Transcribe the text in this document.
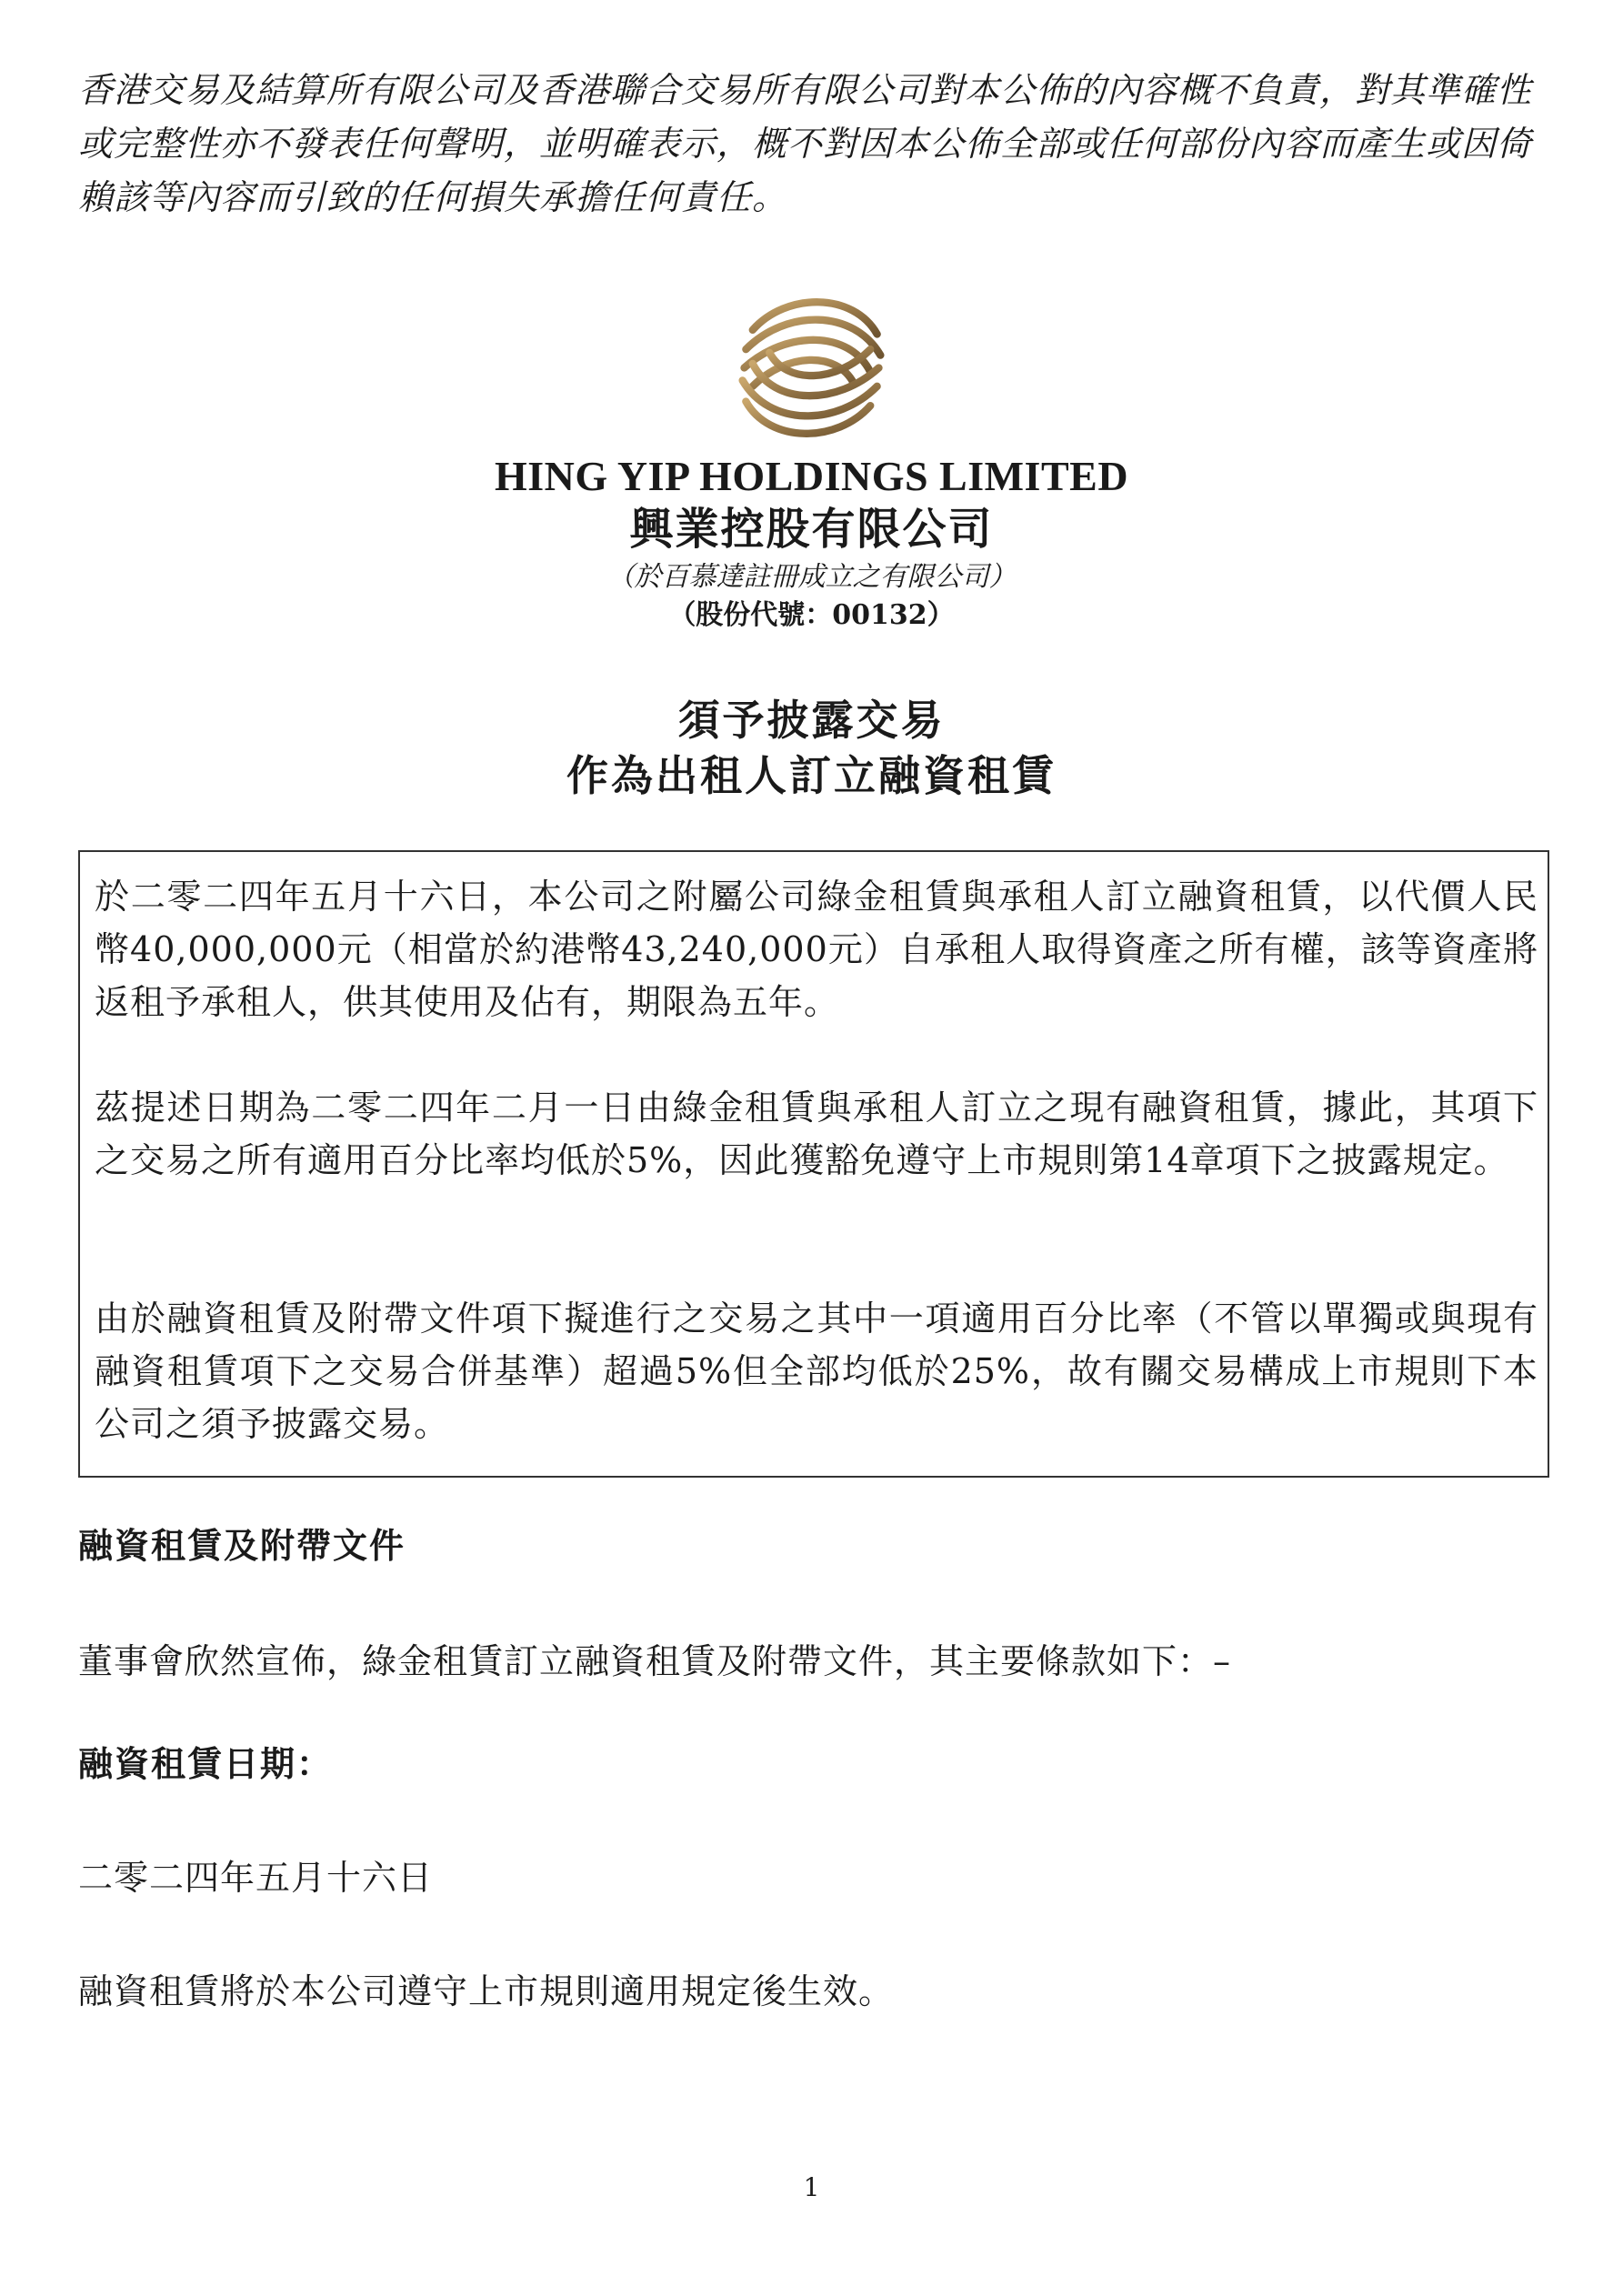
香港交易及結算所有限公司及香港聯合交易所有限公司對本公佈的內容概不負責，對其準確性或完整性亦不發表任何聲明，並明確表示，概不對因本公佈全部或任何部份內容而產生或因倚賴該等內容而引致的任何損失承擔任何責任。
HING YIP HOLDINGS LIMITED
興業控股有限公司
（於百慕達註冊成立之有限公司）
（股份代號：00132）
須予披露交易
作為出租人訂立融資租賃

於二零二四年五月十六日，本公司之附屬公司綠金租賃與承租人訂立融資租賃，以代價人民幣40,000,000元（相當於約港幣43,240,000元）自承租人取得資產之所有權，該等資產將返租予承租人，供其使用及佔有，期限為五年。

茲提述日期為二零二四年二月一日由綠金租賃與承租人訂立之現有融資租賃，據此，其項下之交易之所有適用百分比率均低於5%，因此獲豁免遵守上市規則第14章項下之披露規定。

由於融資租賃及附帶文件項下擬進行之交易之其中一項適用百分比率（不管以單獨或與現有融資租賃項下之交易合併基準）超過5%但全部均低於25%，故有關交易構成上市規則下本公司之須予披露交易。

融資租賃及附帶文件
董事會欣然宣佈，綠金租賃訂立融資租賃及附帶文件，其主要條款如下：–
融資租賃日期：
二零二四年五月十六日
融資租賃將於本公司遵守上市規則適用規定後生效。
1
